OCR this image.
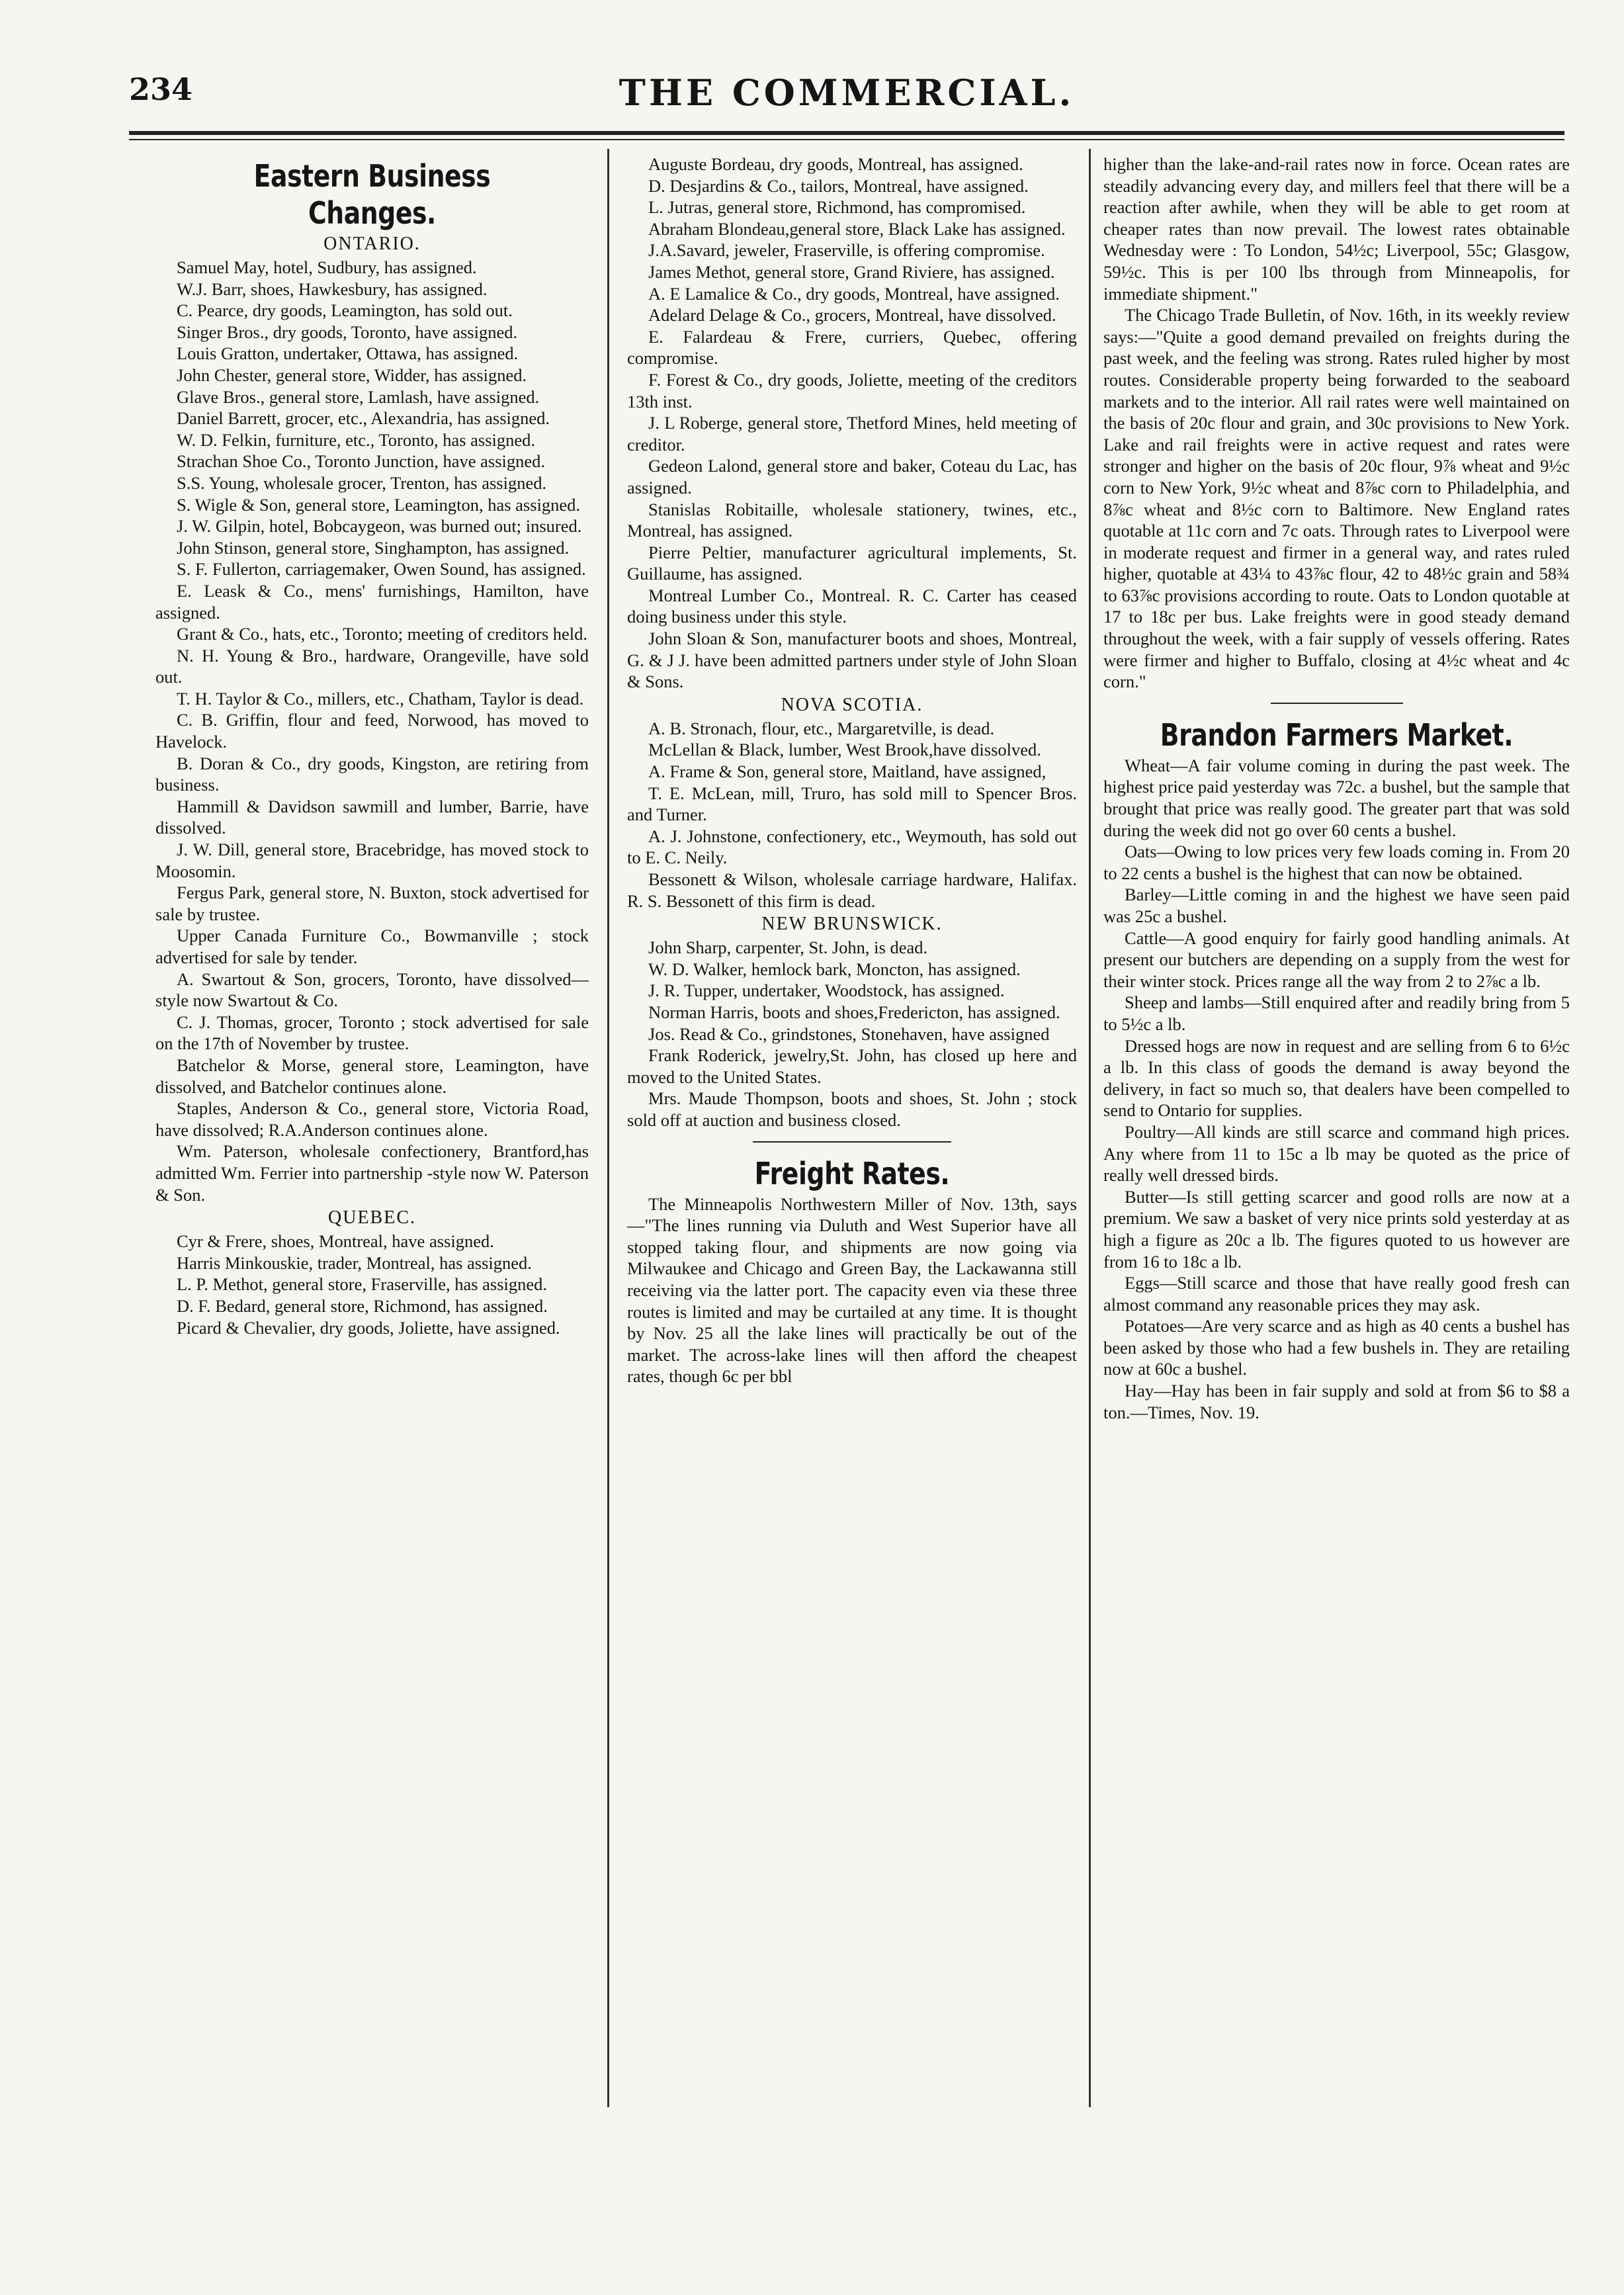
234	THE COMMERCIAL.
Eastern Business Changes.
ONTARIO.

Samuel May, hotel, Sudbury, has assigned.

W.J. Barr, shoes, Hawkesbury, has assigned.

C. Pearce, dry goods, Leamington, has sold out.

Singer Bros., dry goods, Toronto, have assigned.

Louis Gratton, undertaker, Ottawa, has assigned.

John Chester, general store, Widder, has assigned.

Glave Bros., general store, Lamlash, have assigned.

Daniel Barrett, grocer, etc., Alexandria, has assigned.

W. D. Felkin, furniture, etc., Toronto, has assigned.

Strachan Shoe Co., Toronto Junction, have assigned.

S.S. Young, wholesale grocer, Trenton, has assigned.

S. Wigle & Son, general store, Leamington, has assigned.

J. W. Gilpin, hotel, Bobcaygeon, was burned out; insured.

John Stinson, general store, Singhampton, has assigned.

S. F. Fullerton, carriagemaker, Owen Sound, has assigned.

E. Leask & Co., mens' furnishings, Hamilton, have assigned.

Grant & Co., hats, etc., Toronto; meeting of creditors held.

N. H. Young & Bro., hardware, Orangeville, have sold out.

T. H. Taylor & Co., millers, etc., Chatham, Taylor is dead.

C. B. Griffin, flour and feed, Norwood, has moved to Havelock.

B. Doran & Co., dry goods, Kingston, are retiring from business.

Hammill & Davidson sawmill and lumber, Barrie, have dissolved.

J. W. Dill, general store, Bracebridge, has moved stock to Moosomin.

Fergus Park, general store, N. Buxton, stock advertised for sale by trustee.

Upper Canada Furniture Co., Bowmanville ; stock advertised for sale by tender.

A. Swartout & Son, grocers, Toronto, have dissolved—style now Swartout & Co.

C. J. Thomas, grocer, Toronto ; stock advertised for sale on the 17th of November by trustee.

Batchelor & Morse, general store, Leamington, have dissolved, and Batchelor continues alone.

Staples, Anderson & Co., general store, Victoria Road, have dissolved; R.A.Anderson continues alone.

Wm. Paterson, wholesale confectionery, Brantford,has admitted Wm. Ferrier into partnership -style now W. Paterson & Son.

QUEBEC.

Cyr & Frere, shoes, Montreal, have assigned.

Harris Minkouskie, trader, Montreal, has assigned.

L. P. Methot, general store, Fraserville, has assigned.

D. F. Bedard, general store, Richmond, has assigned.

Picard & Chevalier, dry goods, Joliette, have assigned.

Auguste Bordeau, dry goods, Montreal, has assigned.

D. Desjardins & Co., tailors, Montreal, have assigned.

L. Jutras, general store, Richmond, has compromised.

Abraham Blondeau,general store, Black Lake has assigned.

J.A.Savard, jeweler, Fraserville, is offering compromise.

James Methot, general store, Grand Riviere, has assigned.

A. E Lamalice & Co., dry goods, Montreal, have assigned.

Adelard Delage & Co., grocers, Montreal, have dissolved.

E. Falardeau & Frere, curriers, Quebec, offering compromise.

F. Forest & Co., dry goods, Joliette, meeting of the creditors 13th inst.

J. L Roberge, general store, Thetford Mines, held meeting of creditor.

Gedeon Lalond, general store and baker, Coteau du Lac, has assigned.

Stanislas Robitaille, wholesale stationery, twines, etc., Montreal, has assigned.

Pierre Peltier, manufacturer agricultural implements, St. Guillaume, has assigned.

Montreal Lumber Co., Montreal. R. C. Carter has ceased doing business under this style.

John Sloan & Son, manufacturer boots and shoes, Montreal, G. & J J. have been admitted partners under style of John Sloan & Sons.

NOVA SCOTIA.

A. B. Stronach, flour, etc., Margaretville, is dead.

McLellan & Black, lumber, West Brook,have dissolved.

A. Frame & Son, general store, Maitland, have assigned,

T. E. McLean, mill, Truro, has sold mill to Spencer Bros. and Turner.

A. J. Johnstone, confectionery, etc., Weymouth, has sold out to E. C. Neily.

Bessonett & Wilson, wholesale carriage hardware, Halifax. R. S. Bessonett of this firm is dead.

NEW BRUNSWICK.

John Sharp, carpenter, St. John, is dead.

W. D. Walker, hemlock bark, Moncton, has assigned.

J. R. Tupper, undertaker, Woodstock, has assigned.

Norman Harris, boots and shoes,Fredericton, has assigned.

Jos. Read & Co., grindstones, Stonehaven, have assigned

Frank Roderick, jewelry,St. John, has closed up here and moved to the United States.

Mrs. Maude Thompson, boots and shoes, St. John ; stock sold off at auction and business closed.

Freight Rates.

The Minneapolis Northwestern Miller of Nov. 13th, says—"The lines running via Duluth and West Superior have all stopped taking flour, and shipments are now going via Milwaukee and Chicago and Green Bay, the Lackawanna still receiving via the latter port. The capacity even via these three routes is limited and may be curtailed at any time. It is thought by Nov. 25 all the lake lines will practically be out of the market. The across-lake lines will then afford the cheapest rates, though 6c per bbl

higher than the lake-and-rail rates now in force. Ocean rates are steadily advancing every day, and millers feel that there will be a reaction after awhile, when they will be able to get room at cheaper rates than now prevail. The lowest rates obtainable Wednesday were : To London, 54½c; Liverpool, 55c; Glasgow, 59½c. This is per 100 lbs through from Minneapolis, for immediate shipment."

The Chicago Trade Bulletin, of Nov. 16th, in its weekly review says:—"Quite a good demand prevailed on freights during the past week, and the feeling was strong. Rates ruled higher by most routes. Considerable property being forwarded to the seaboard markets and to the interior. All rail rates were well maintained on the basis of 20c flour and grain, and 30c provisions to New York. Lake and rail freights were in active request and rates were stronger and higher on the basis of 20c flour, 9⅞ wheat and 9½c corn to New York, 9½c wheat and 8⅞c corn to Philadelphia, and 8⅞c wheat and 8½c corn to Baltimore. New England rates quotable at 11c corn and 7c oats. Through rates to Liverpool were in moderate request and firmer in a general way, and rates ruled higher, quotable at 43¼ to 43⅞c flour, 42 to 48½c grain and 58¾ to 63⅞c provisions according to route. Oats to London quotable at 17 to 18c per bus. Lake freights were in good steady demand throughout the week, with a fair supply of vessels offering. Rates were firmer and higher to Buffalo, closing at 4½c wheat and 4c corn."

Brandon Farmers Market.

Wheat—A fair volume coming in during the past week. The highest price paid yesterday was 72c. a bushel, but the sample that brought that price was really good. The greater part that was sold during the week did not go over 60 cents a bushel.

Oats—Owing to low prices very few loads coming in. From 20 to 22 cents a bushel is the highest that can now be obtained.

Barley—Little coming in and the highest we have seen paid was 25c a bushel.

Cattle—A good enquiry for fairly good handling animals. At present our butchers are depending on a supply from the west for their winter stock. Prices range all the way from 2 to 2⅞c a lb.

Sheep and lambs—Still enquired after and readily bring from 5 to 5½c a lb.

Dressed hogs are now in request and are selling from 6 to 6½c a lb. In this class of goods the demand is away beyond the delivery, in fact so much so, that dealers have been compelled to send to Ontario for supplies.

Poultry—All kinds are still scarce and command high prices. Any where from 11 to 15c a lb may be quoted as the price of really well dressed birds.

Butter—Is still getting scarcer and good rolls are now at a premium. We saw a basket of very nice prints sold yesterday at as high a figure as 20c a lb. The figures quoted to us however are from 16 to 18c a lb.

Eggs—Still scarce and those that have really good fresh can almost command any reasonable prices they may ask.

Potatoes—Are very scarce and as high as 40 cents a bushel has been asked by those who had a few bushels in. They are retailing now at 60c a bushel.

Hay—Hay has been in fair supply and sold at from $6 to $8 a ton.—Times, Nov. 19.
